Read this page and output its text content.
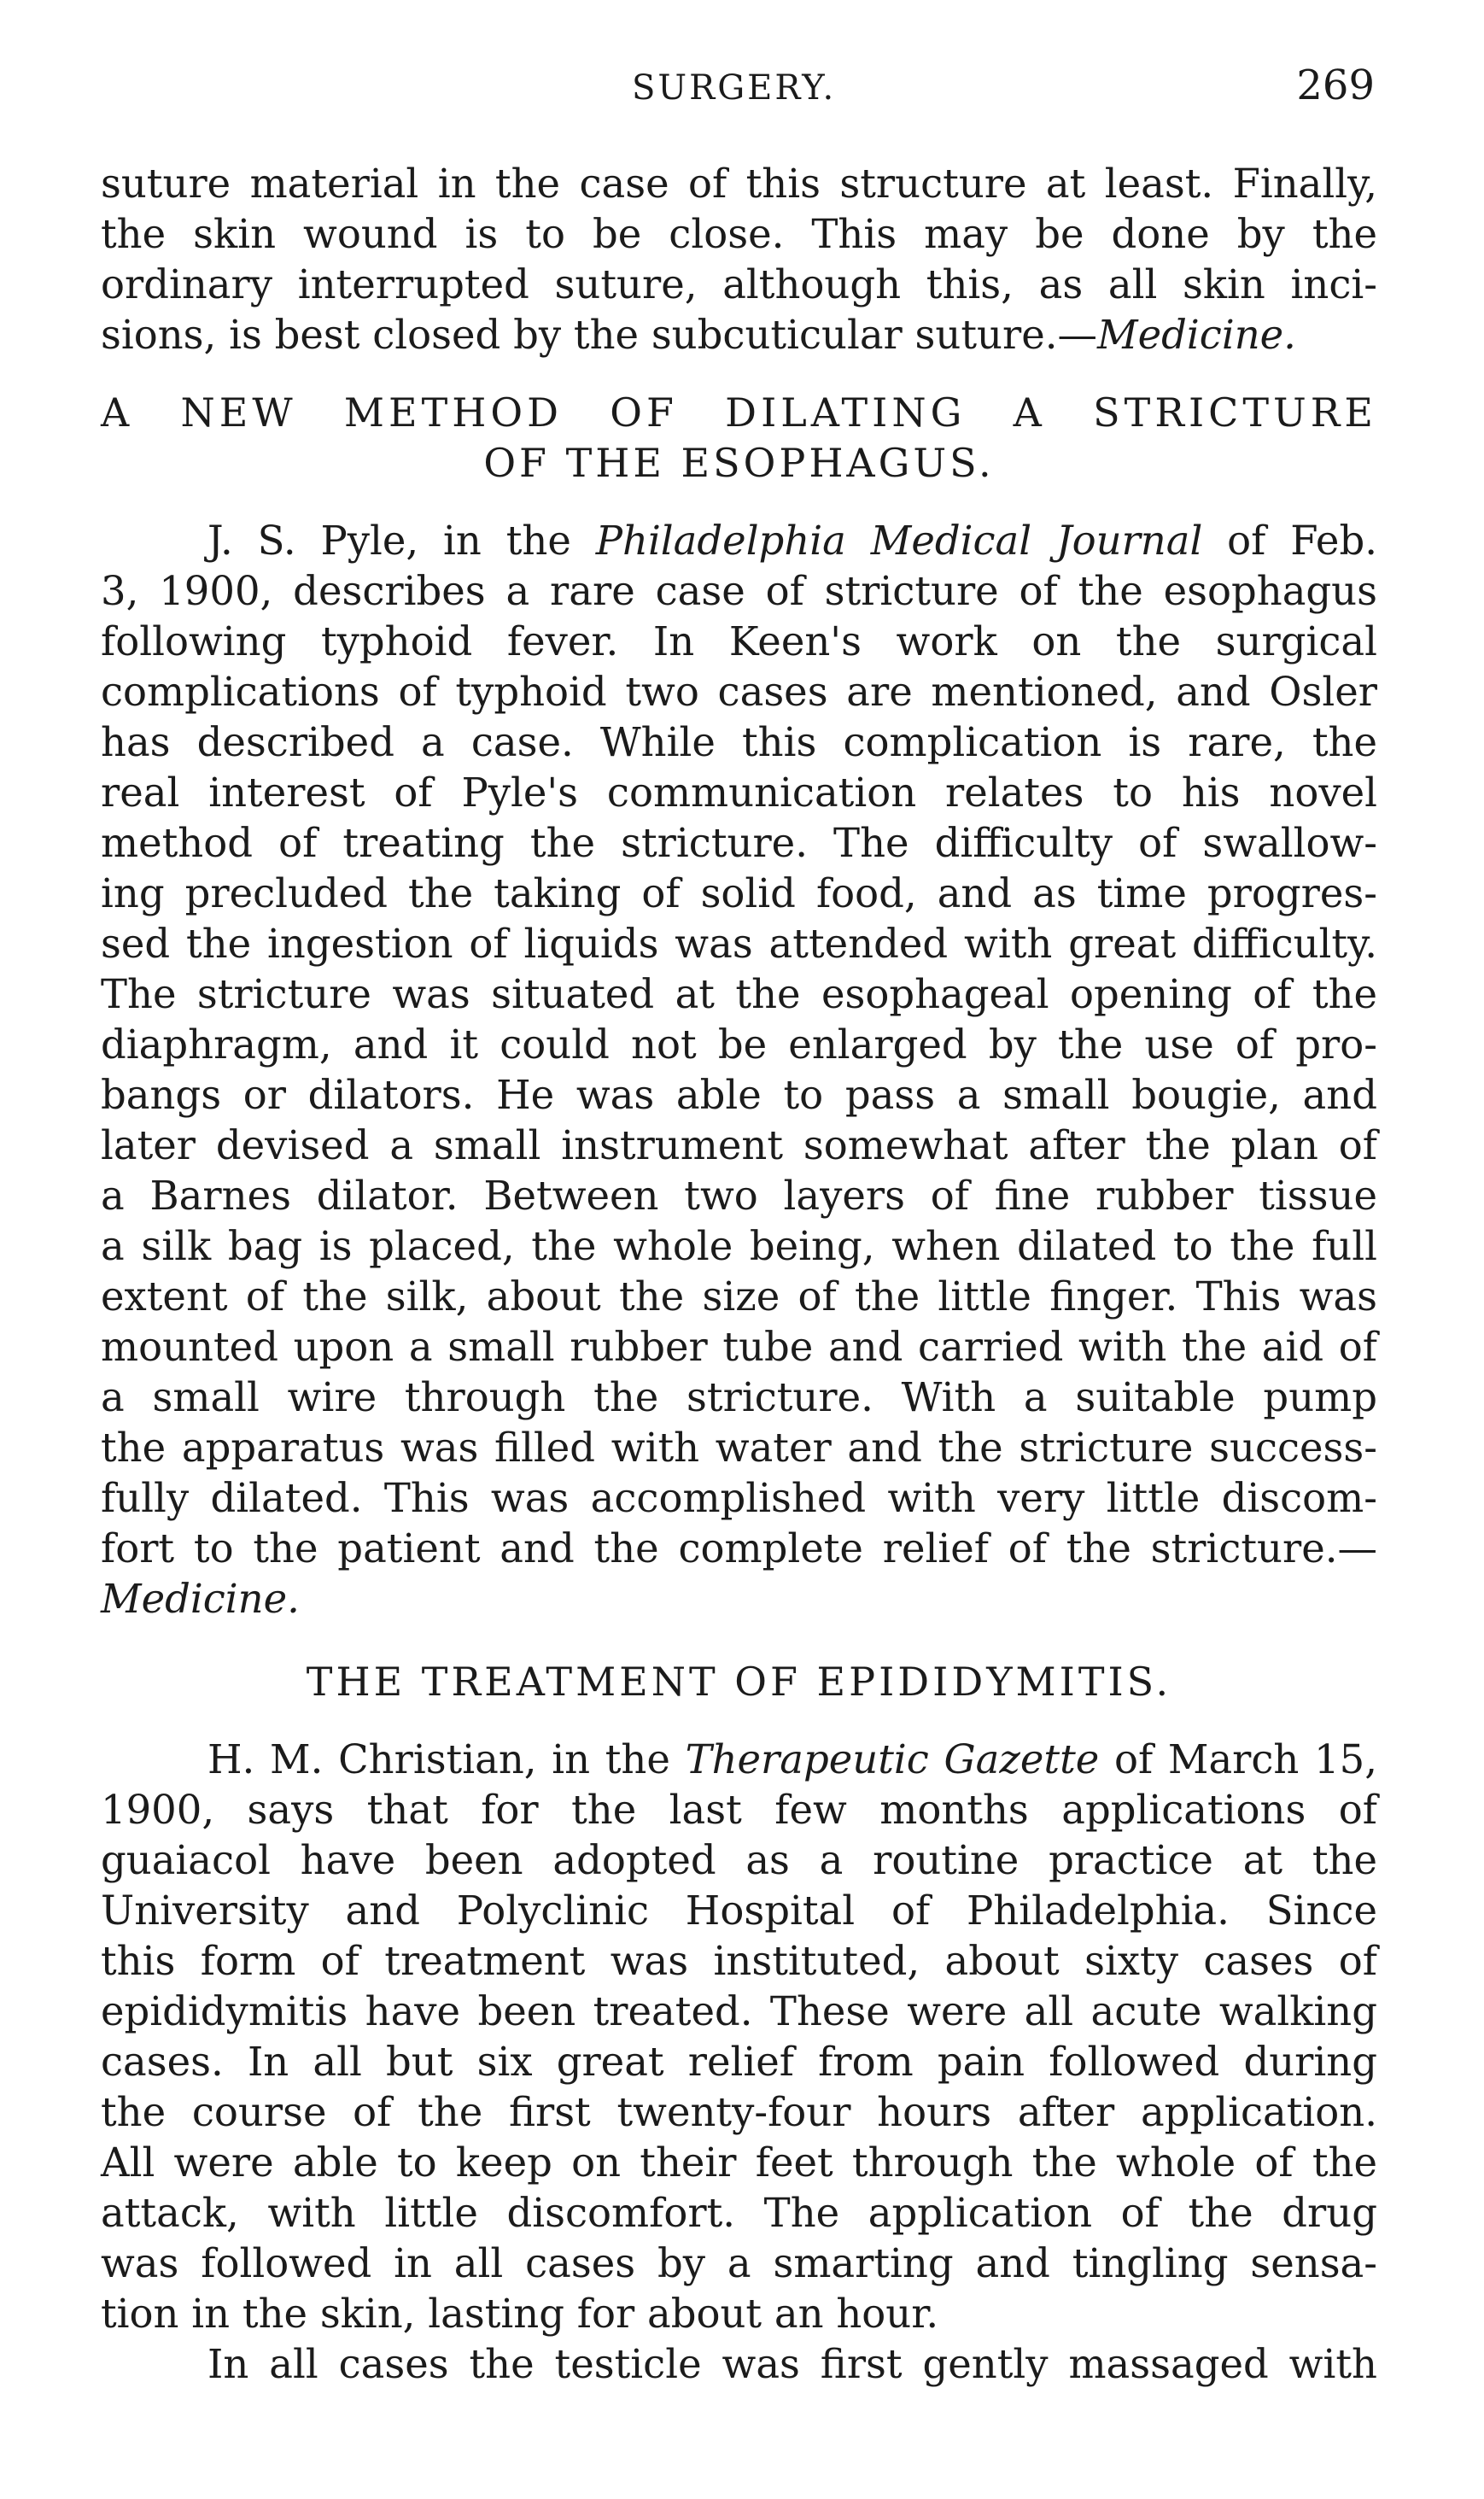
SURGERY.	269
suture material in the case of this structure at least. Finally,
the skin wound is to be close. This may be done by the
ordinary interrupted suture, although this, as all skin inci-
sions, is best closed by the subcuticular suture.—Medicine.
A NEW METHOD OF DILATING A STRICTURE
OF THE ESOPHAGUS.
J. S. Pyle, in the Philadelphia Medical Journal of Feb.
3, 1900, describes a rare case of stricture of the esophagus
following typhoid fever. In Keen's work on the surgical
complications of typhoid two cases are mentioned, and Osler
has described a case. While this complication is rare, the
real interest of Pyle's communication relates to his novel
method of treating the stricture. The difficulty of swallow-
ing precluded the taking of solid food, and as time progres-
sed the ingestion of liquids was attended with great difficulty.
The stricture was situated at the esophageal opening of the
diaphragm, and it could not be enlarged by the use of pro-
bangs or dilators. He was able to pass a small bougie, and
later devised a small instrument somewhat after the plan of
a Barnes dilator. Between two layers of fine rubber tissue
a silk bag is placed, the whole being, when dilated to the full
extent of the silk, about the size of the little finger. This was
mounted upon a small rubber tube and carried with the aid of
a small wire through the stricture. With a suitable pump
the apparatus was filled with water and the stricture success-
fully dilated. This was accomplished with very little discom-
fort to the patient and the complete relief of the stricture.—
Medicine.
THE TREATMENT OF EPIDIDYMITIS.
H. M. Christian, in the Therapeutic Gazette of March 15,
1900, says that for the last few months applications of
guaiacol have been adopted as a routine practice at the
University and Polyclinic Hospital of Philadelphia. Since
this form of treatment was instituted, about sixty cases of
epididymitis have been treated. These were all acute walking
cases. In all but six great relief from pain followed during
the course of the first twenty-four hours after application.
All were able to keep on their feet through the whole of the
attack, with little discomfort. The application of the drug
was followed in all cases by a smarting and tingling sensa-
tion in the skin, lasting for about an hour.
In all cases the testicle was first gently massaged with
